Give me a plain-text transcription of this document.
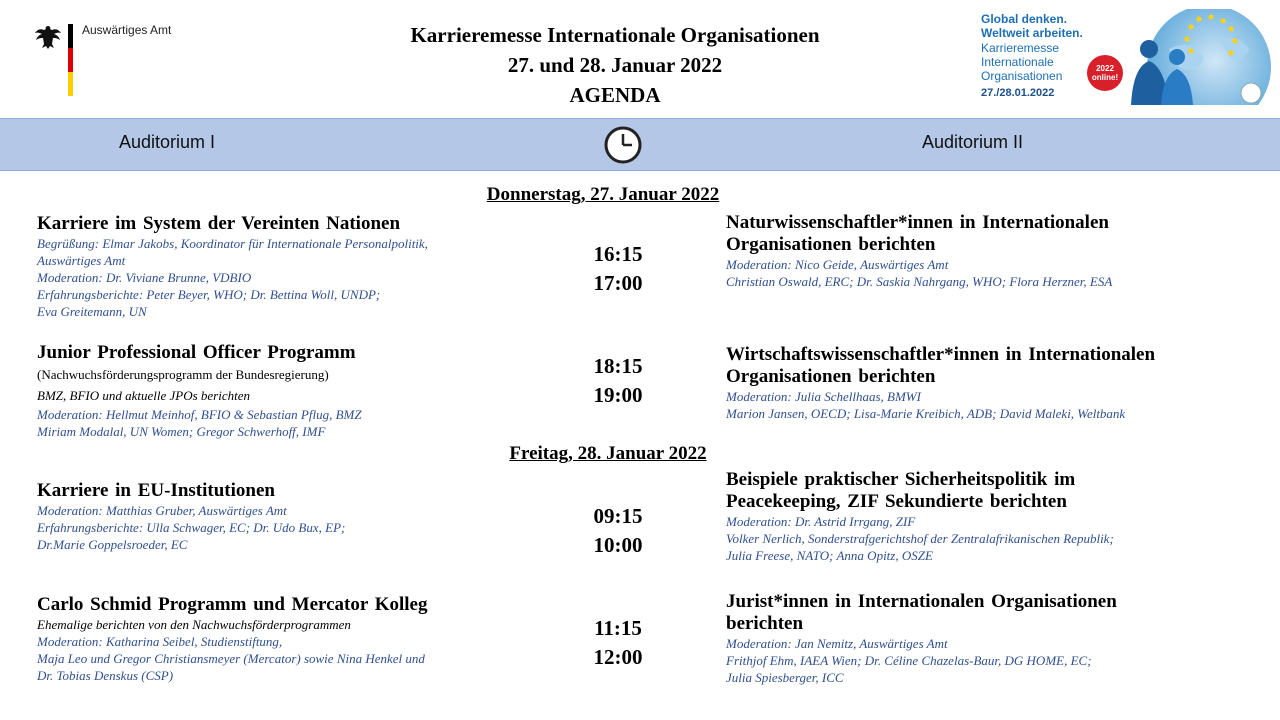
Auswärtiges Amt	Karrieremesse Internationale Organisationen
27. und 28. Januar 2022
AGENDA
Global denken.
Weltweit arbeiten.
Karrieremesse
Internationale
Organisationen
27./28.01.2022
2022
online!
Auditorium I	Auditorium II
Donnerstag, 27. Januar 2022
Karriere im System der Vereinten Nationen
Begrüßung: Elmar Jakobs, Koordinator für Internationale Personalpolitik,
Auswärtiges Amt
Moderation: Dr. Viviane Brunne, VDBIO
Erfahrungsberichte: Peter Beyer, WHO; Dr. Bettina Woll, UNDP;
Eva Greitemann, UN
16:15
17:00
Naturwissenschaftler*innen in Internationalen
Organisationen berichten
Moderation: Nico Geide, Auswärtiges Amt
Christian Oswald, ERC; Dr. Saskia Nahrgang, WHO; Flora Herzner, ESA
Junior Professional Officer Programm
(Nachwuchsförderungsprogramm der Bundesregierung)
BMZ, BFIO und aktuelle JPOs berichten
Moderation: Hellmut Meinhof, BFIO & Sebastian Pflug, BMZ
Miriam Modalal, UN Women; Gregor Schwerhoff, IMF
18:15
19:00
Wirtschaftswissenschaftler*innen in Internationalen
Organisationen berichten
Moderation: Julia Schellhaas, BMWI
Marion Jansen, OECD; Lisa-Marie Kreibich, ADB; David Maleki, Weltbank
Freitag, 28. Januar 2022
Karriere in EU-Institutionen
Moderation: Matthias Gruber, Auswärtiges Amt
Erfahrungsberichte: Ulla Schwager, EC; Dr. Udo Bux, EP;
Dr.Marie Goppelsroeder, EC
09:15
10:00
Beispiele praktischer Sicherheitspolitik im
Peacekeeping, ZIF Sekundierte berichten
Moderation: Dr. Astrid Irrgang, ZIF
Volker Nerlich, Sonderstrafgerichtshof der Zentralafrikanischen Republik;
Julia Freese, NATO; Anna Opitz, OSZE
Carlo Schmid Programm und Mercator Kolleg
Ehemalige berichten von den Nachwuchsförderprogrammen
Moderation: Katharina Seibel, Studienstiftung,
Maja Leo und Gregor Christiansmeyer (Mercator) sowie Nina Henkel und
Dr. Tobias Denskus (CSP)
11:15
12:00
Jurist*innen in Internationalen Organisationen
berichten
Moderation: Jan Nemitz, Auswärtiges Amt
Frithjof Ehm, IAEA Wien; Dr. Céline Chazelas-Baur, DG HOME, EC;
Julia Spiesberger, ICC
